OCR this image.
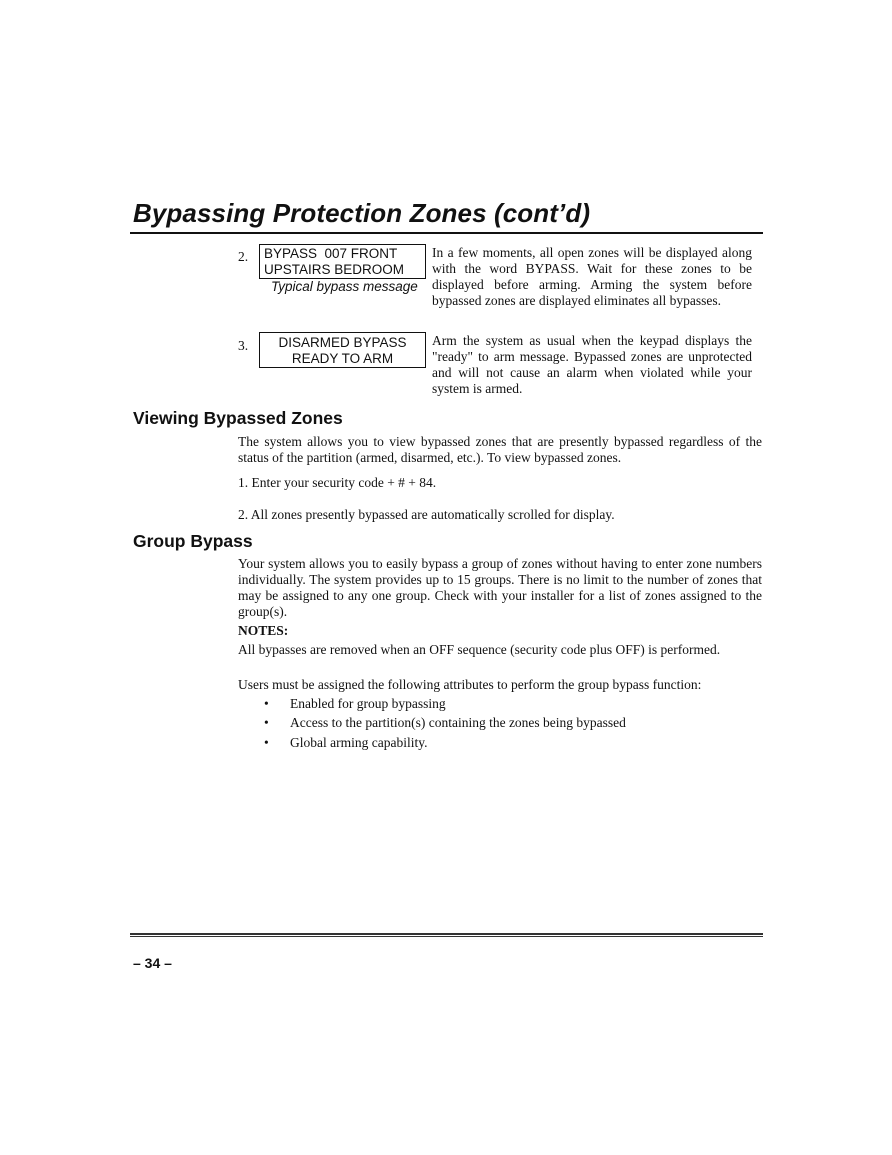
Bypassing Protection Zones (cont’d)
2. BYPASS  007 FRONT
UPSTAIRS BEDROOM
Typical bypass message

In a few moments, all open zones will be displayed along with the word BYPASS. Wait for these zones to be displayed before arming. Arming the system before bypassed zones are displayed eliminates all bypasses.

3.	DISARMED BYPASS
READY TO ARM

Arm the system as usual when the keypad displays the "ready" to arm message. Bypassed zones are unprotected and will not cause an alarm when violated while your system is armed.

Viewing Bypassed Zones

The system allows you to view bypassed zones that are presently bypassed regardless of the status of the partition (armed, disarmed, etc.). To view bypassed zones.

1. Enter your security code + # + 84.
2. All zones presently bypassed are automatically scrolled for display.
Group Bypass

Your system allows you to easily bypass a group of zones without having to enter zone numbers individually. The system provides up to 15 groups. There is no limit to the number of zones that may be assigned to any one group. Check with your installer for a list of zones assigned to the group(s).

NOTES:

All bypasses are removed when an OFF sequence (security code plus OFF) is performed.

Users must be assigned the following attributes to perform the group bypass function:
• Enabled for group bypassing
• Access to the partition(s) containing the zones being bypassed
• Global arming capability.
– 34 –
